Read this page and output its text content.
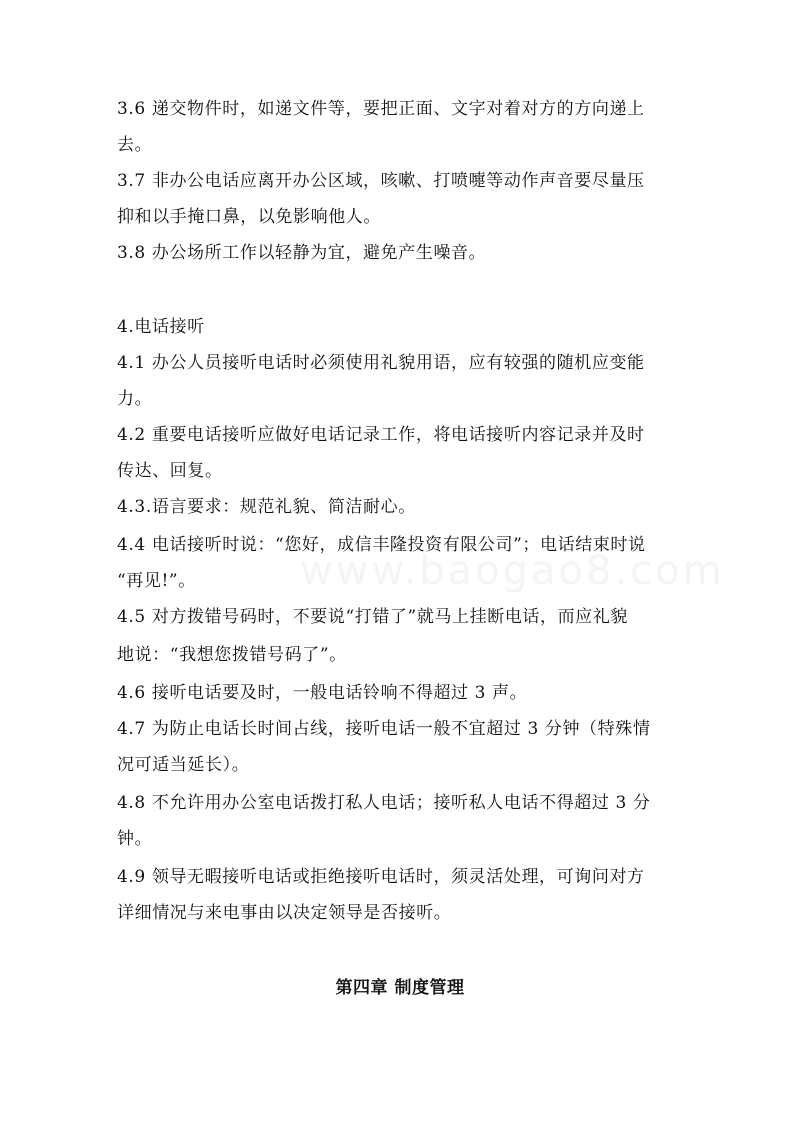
www.baogao8.com
3.6 递交物件时，如递文件等，要把正面、文字对着对方的方向递上
去。
3.7 非办公电话应离开办公区域，咳嗽、打喷嚏等动作声音要尽量压
抑和以手掩口鼻，以免影响他人。
3.8 办公场所工作以轻静为宜，避免产生噪音。
4.电话接听
4.1 办公人员接听电话时必须使用礼貌用语，应有较强的随机应变能
力。
4.2 重要电话接听应做好电话记录工作，将电话接听内容记录并及时
传达、回复。
4.3.语言要求：规范礼貌、简洁耐心。
4.4 电话接听时说：“您好，成信丰隆投资有限公司”；电话结束时说
“再见!”。
4.5 对方拨错号码时，不要说“打错了”就马上挂断电话，而应礼貌
地说：“我想您拨错号码了”。
4.6 接听电话要及时，一般电话铃响不得超过 3 声。
4.7 为防止电话长时间占线，接听电话一般不宜超过 3 分钟（特殊情
况可适当延长）。
4.8 不允许用办公室电话拨打私人电话；接听私人电话不得超过 3 分
钟。
4.9 领导无暇接听电话或拒绝接听电话时，须灵活处理，可询问对方
详细情况与来电事由以决定领导是否接听。
第四章 制度管理
